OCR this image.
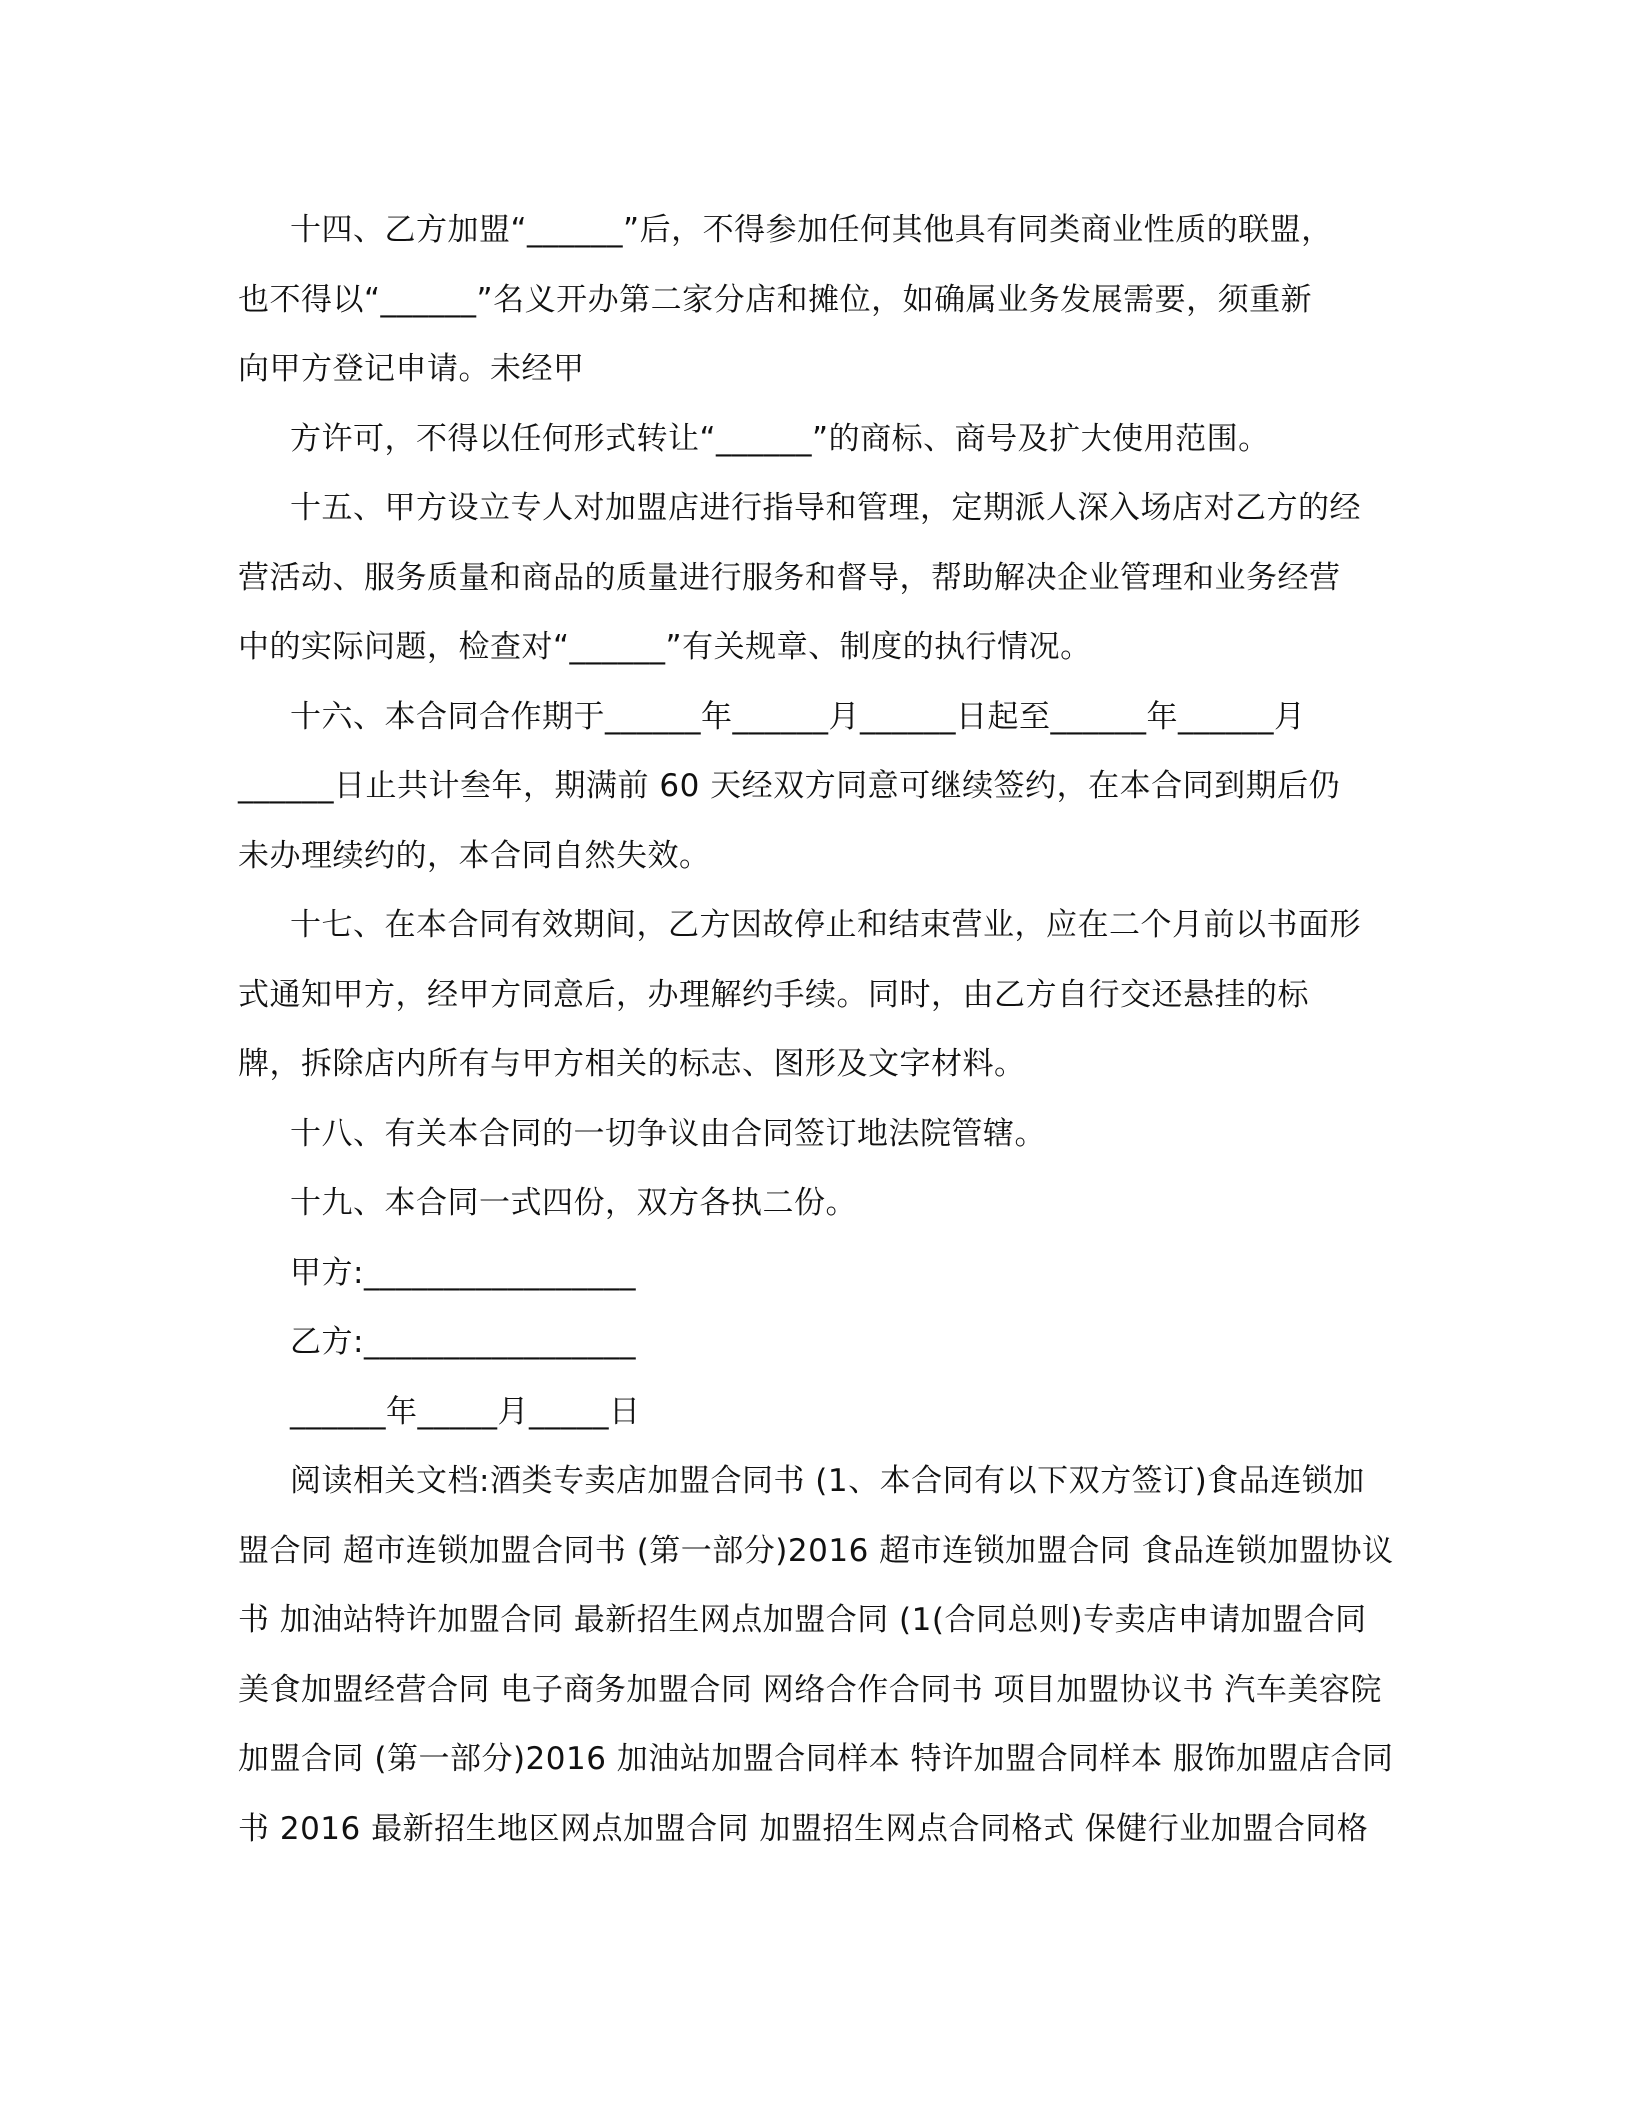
十四、乙方加盟“______”后，不得参加任何其他具有同类商业性质的联盟，
也不得以“______”名义开办第二家分店和摊位，如确属业务发展需要，须重新
向甲方登记申请。未经甲
方许可，不得以任何形式转让“______”的商标、商号及扩大使用范围。
十五、甲方设立专人对加盟店进行指导和管理，定期派人深入场店对乙方的经
营活动、服务质量和商品的质量进行服务和督导，帮助解决企业管理和业务经营
中的实际问题，检查对“______”有关规章、制度的执行情况。
十六、本合同合作期于______年______月______日起至______年______月
______日止共计叁年，期满前 60 天经双方同意可继续签约，在本合同到期后仍
未办理续约的，本合同自然失效。
十七、在本合同有效期间，乙方因故停止和结束营业，应在二个月前以书面形
式通知甲方，经甲方同意后，办理解约手续。同时，由乙方自行交还悬挂的标
牌，拆除店内所有与甲方相关的标志、图形及文字材料。
十八、有关本合同的一切争议由合同签订地法院管辖。
十九、本合同一式四份，双方各执二份。
甲方:_________________
乙方:_________________
______年_____月_____日
阅读相关文档:酒类专卖店加盟合同书 (1、本合同有以下双方签订)食品连锁加
盟合同 超市连锁加盟合同书 (第一部分)2016 超市连锁加盟合同 食品连锁加盟协议
书 加油站特许加盟合同 最新招生网点加盟合同 (1(合同总则)专卖店申请加盟合同
美食加盟经营合同 电子商务加盟合同 网络合作合同书 项目加盟协议书 汽车美容院
加盟合同 (第一部分)2016 加油站加盟合同样本 特许加盟合同样本 服饰加盟店合同
书 2016 最新招生地区网点加盟合同 加盟招生网点合同格式 保健行业加盟合同格
